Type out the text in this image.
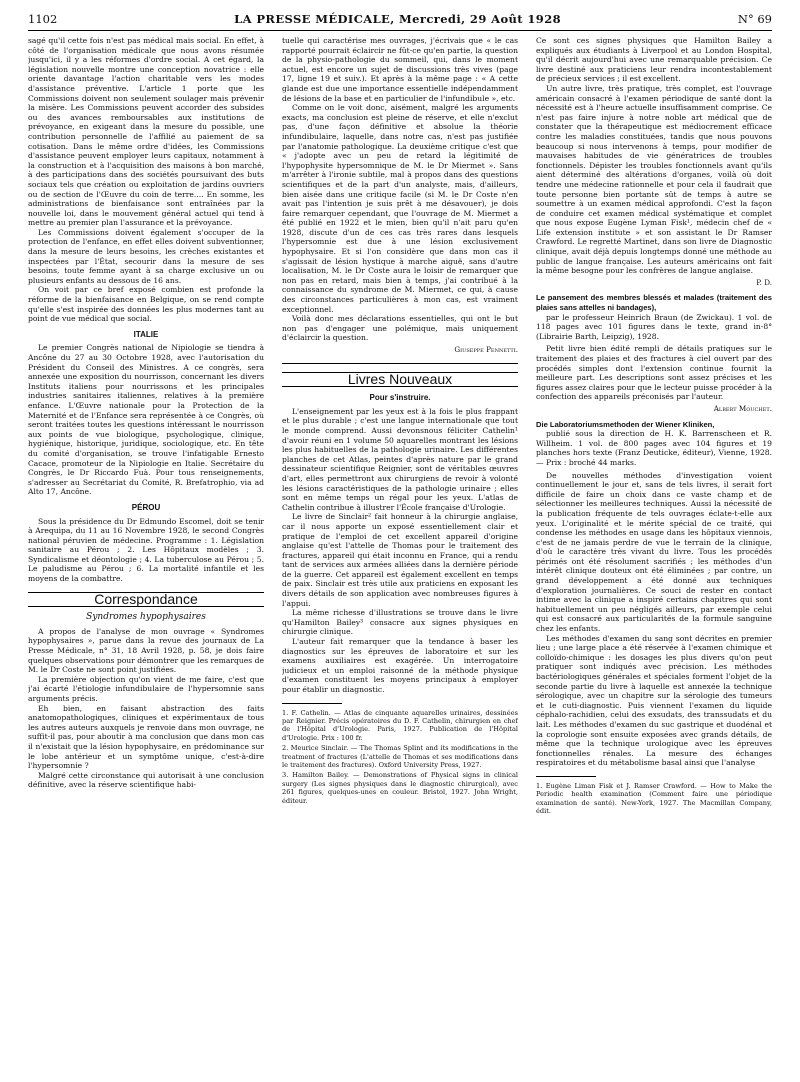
1102	LA PRESSE MÉDICALE, Mercredi, 29 Août 1928	N° 69

sagé qu'il cette fois n'est pas médical mais social. En effet, à côté de l'organisation médicale que nous avons résumée jusqu'ici, il y a les réformes d'ordre social. A cet égard, la législation nouvelle montre une conception novatrice : elle oriente davantage l'action charitable vers les modes d'assistance préventive. L'article 1 porte que les Commissions doivent non seulement soulager mais prévenir la misère. Les Commissions peuvent accorder des subsides ou des avances remboursables aux institutions de prévoyance, en exigeant dans la mesure du possible, une contribution personnelle de l'affilié au paiement de sa cotisation. Dans le même ordre d'idées, les Commissions d'assistance peuvent employer leurs capitaux, notamment à la construction et à l'acquisition des maisons à bon marché, à des participations dans des sociétés poursuivant des buts sociaux tels que création ou exploitation de jardins ouvriers ou de section de l'Œuvre du coin de terre.... En somme, les administrations de bienfaisance sont entraînées par la nouvelle loi, dans le mouvement général actuel qui tend à mettre au premier plan l'assurance et la prévoyance.

Les Commissions doivent également s'occuper de la protection de l'enfance, en effet elles doivent subventionner, dans la mesure de leurs besoins, les crèches existantes et inspectées par l'État, secourir dans la mesure de ses besoins, toute femme ayant à sa charge exclusive un ou plusieurs enfants au dessous de 16 ans.

On voit par ce bref exposé combien est profonde la réforme de la bienfaisance en Belgique, on se rend compte qu'elle s'est inspirée des données les plus modernes tant au point de vue médical que social.

ITALIE

Le premier Congrès national de Nipiologie se tiendra à Ancône du 27 au 30 Octobre 1928, avec l'autorisation du Président du Conseil des Ministres. A ce congrès, sera annexée une exposition du nourrisson, concernant les divers Instituts italiens pour nourrissons et les principales industries sanitaires italiennes, relatives à la première enfance. L'Œuvre nationale pour la Protection de la Maternité et de l'Enfance sera représentée à ce Congrès, où seront traitées toutes les questions intéressant le nourrisson aux points de vue biologique, psychologique, clinique, hygiénique, historique, juridique, sociologique, etc. En tête du comité d'organisation, se trouve l'infatigable Ernesto Cacace, promoteur de la Nipiologie en Italie. Secrétaire du Congrès, le Dr Riccardo Fuà. Pour tous renseignements, s'adresser au Secrétariat du Comité, R. Brefatrophio, via ad Alto 17, Ancône.

PÉROU

Sous la présidence du Dr Edmundo Escomel, doit se tenir à Arequipa, du 11 au 16 Novembre 1928, le second Congrès national péruvien de médecine. Programme : 1. Législation sanitaire au Pérou ; 2. Les Hôpitaux modèles ; 3. Syndicalisme et déontologie ; 4. La tuberculose au Pérou ; 5. Le paludisme au Pérou ; 6. La mortalité infantile et les moyens de la combattre.

Correspondance
Syndromes hypophysaires

A propos de l'analyse de mon ouvrage « Syndromes hypophysaires », parue dans la revue des journaux de La Presse Médicale, n° 31, 18 Avril 1928, p. 58, je dois faire quelques observations pour démontrer que les remarques de M. le Dr Coste ne sont point justifiées.

La première objection qu'on vient de me faire, c'est que j'ai écarté l'étiologie infundibulaire de l'hypersomnie sans arguments précis.

Eh bien, en faisant abstraction des faits anatomopathologiques, cliniques et expérimentaux de tous les autres auteurs auxquels je renvoie dans mon ouvrage, ne suffit-il pas, pour aboutir à ma conclusion que dans mon cas il n'existait que la lésion hypophysaire, en prédominance sur le lobe antérieur et un symptôme unique, c'est-à-dire l'hypersomnie ?

Malgré cette circonstance qui autorisait à une conclusion définitive, avec la réserve scientifique habi-

tuelle qui caractérise mes ouvrages, j'écrivais que « le cas rapporté pourrait éclaircir ne fût-ce qu'en partie, la question de la physio-pathologie du sommeil, qui, dans le moment actuel, est encore un sujet de discussions très vives (page 17, ligne 19 et suiv.). Et après à la même page : « A cette glande est due une importance essentielle indépendamment de lésions de la base et en particulier de l'infundibule », etc.

Comme on le voit donc, aisément, malgré les arguments exacts, ma conclusion est pleine de réserve, et elle n'exclut pas, d'une façon définitive et absolue la théorie infundibulaire, laquelle, dans notre cas, n'est pas justifiée par l'anatomie pathologique. La deuxième critique c'est que « j'adopte avec un peu de retard la légitimité de l'hypophysite hypersomnique de M. le Dr Miermet ». Sans m'arrêter à l'ironie subtile, mal à propos dans des questions scientifiques et de la part d'un analyste, mais, d'ailleurs, bien aisée dans une critique facile (si M. le Dr Coste n'en avait pas l'intention je suis prêt à me désavouer), je dois faire remarquer cependant, que l'ouvrage de M. Miermet a été publié en 1922 et le mien, bien qu'il n'ait paru qu'en 1928, discute d'un de ces cas très rares dans lesquels l'hypersomnie est due à une lésion exclusivement hypophysaire. Et si l'on considère que dans mon cas il s'agissait de lésion hystique à marche aiguë, sans d'autre localisation, M. le Dr Coste aura le loisir de remarquer que non pas en retard, mais bien à temps, j'ai contribué à la connaissance du syndrome de M. Miermet, ce qui, à cause des circonstances particulières à mon cas, est vraiment exceptionnel.

Voilà donc mes déclarations essentielles, qui ont le but non pas d'engager une polémique, mais uniquement d'éclaircir la question.

Giuseppe Pennetti.
Livres Nouveaux
Pour s'instruire.

L'enseignement par les yeux est à la fois le plus frappant et le plus durable ; c'est une langue internationale que tout le monde comprend. Aussi devonsnous féliciter Cathelin¹ d'avoir réuni en 1 volume 50 aquarelles montrant les lésions les plus habituelles de la pathologie urinaire. Les différentes planches de cet Atlas, peintes d'après nature par le grand dessinateur scientifique Reignier, sont de véritables œuvres d'art, elles permettront aux chirurgiens de revoir à volonté les lésions caractéristiques de la pathologie urinaire ; elles sont en même temps un régal pour les yeux. L'atlas de Cathelin contribue à illustrer l'École française d'Urologie.

Le livre de Sinclair² fait honneur à la chirurgie anglaise, car il nous apporte un exposé essentiellement clair et pratique de l'emploi de cet excellent appareil d'origine anglaise qu'est l'attelle de Thomas pour le traitement des fractures, appareil qui était inconnu en France, qui a rendu tant de services aux armées alliées dans la dernière période de la guerre. Cet appareil est également excellent en temps de paix. Sinclair est très utile aux praticiens en exposant les divers détails de son application avec nombreuses figures à l'appui.

La même richesse d'illustrations se trouve dans le livre qu'Hamilton Bailey³ consacre aux signes physiques en chirurgie clinique.

L'auteur fait remarquer que la tendance à baser les diagnostics sur les épreuves de laboratoire et sur les examens auxiliaires est exagérée. Un interrogatoire judicieux et un emploi raisonné de la méthode physique d'examen constituent les moyens principaux à employer pour établir un diagnostic.

1. F. Cathelin. — Atlas de cinquante aquarelles urinaires, dessinées par Reignier. Précis opératoires du D. F. Cathelin, chirurgien en chef de l'Hôpital d'Urologie. Paris, 1927. Publication de l'Hôpital d'Urologie. Prix : 100 fr.

2. Meurice Sinclair. — The Thomas Splint and its modifications in the treatment of fractures (L'attelle de Thomas et ses modifications dans le traitement des fractures). Oxford University Press, 1927.

3. Hamilton Bailey. — Demonstrations of Physical signs in clinical surgery (Les signes physiques dans le diagnostic chirurgical), avec 261 figures, quelques-unes en couleur. Bristol, 1927. John Wright, éditeur.

Ce sont ces signes physiques que Hamilton Bailey a expliqués aux étudiants à Liverpool et au London Hospital, qu'il décrit aujourd'hui avec une remarquable précision. Ce livre destiné aux praticiens leur rendra incontestablement de précieux services ; il est excellent.

Un autre livre, très pratique, très complet, est l'ouvrage américain consacré à l'examen périodique de santé dont la nécessité est à l'heure actuelle insuffisamment comprise. Ce n'est pas faire injure à notre noble art médical que de constater que la thérapeutique est médiocrement efficace contre les maladies constituées, tandis que nous pouvons beaucoup si nous intervenons à temps, pour modifier de mauvaises habitudes de vie génératrices de troubles fonctionnels. Dépister les troubles fonctionnels avant qu'ils aient déterminé des altérations d'organes, voilà où doit tendre une médecine rationnelle et pour cela il faudrait que toute personne bien portante sût de temps à autre se soumettre à un examen médical approfondi. C'est la façon de conduire cet examen médical systématique et complet que nous expose Eugène Lyman Fisk¹, médecin chef de « Life extension institute » et son assistant le Dr Ramser Crawford. Le regretté Martinet, dans son livre de Diagnostic clinique, avait déjà depuis longtemps donné une méthode au public de langue française. Les auteurs américains ont fait la même besogne pour les confrères de langue anglaise.

P. D.

Le pansement des membres blessés et malades (traitement des plaies sans attelles ni bandages),

par le professeur Heinrich Braun (de Zwickau). 1 vol. de 118 pages avec 101 figures dans le texte, grand in-8° (Librairie Barth, Leipzig), 1928.

Petit livre bien édité rempli de détails pratiques sur le traitement des plaies et des fractures à ciel ouvert par des procédés simples dont l'extension continue fournit la meilleure part. Les descriptions sont assez précises et les figures assez claires pour que le lecteur puisse procéder à la confection des appareils préconisés par l'auteur.

Albert Mouchet.

Die Laboratoriumsmethoden der Wiener Kliniken,

publié sous la direction de H. K. Barrenscheen et R. Willheim. 1 vol. de 800 pages avec 104 figures et 19 planches hors texte (Franz Deuticke, éditeur), Vienne, 1928. — Prix : broché 44 marks.

De nouvelles méthodes d'investigation voient continuellement le jour et, sans de tels livres, il serait fort difficile de faire un choix dans ce vaste champ et de sélectionner les meilleures techniques. Aussi la nécessité de la publication fréquente de tels ouvrages éclate-t-elle aux yeux. L'originalité et le mérite spécial de ce traité, qui condense les méthodes en usage dans les hôpitaux viennois, c'est de ne jamais perdre de vue le terrain de la clinique, d'où le caractère très vivant du livre. Tous les procédés périmés ont été résolument sacrifiés ; les méthodes d'un intérêt clinique douteux ont été éliminées ; par contre, un grand développement a été donné aux techniques d'exploration journalières. Ce souci de rester en contact intime avec la clinique a inspiré certains chapitres qui sont habituellement un peu négligés ailleurs, par exemple celui qui est consacré aux particularités de la formule sanguine chez les enfants.

Les méthodes d'examen du sang sont décrites en premier lieu ; une large place a été réservée à l'examen chimique et colloïdo-chimique : les dosages les plus divers qu'on peut pratiquer sont indiqués avec précision. Les méthodes bactériologiques générales et spéciales forment l'objet de la seconde partie du livre à laquelle est annexée la technique sérologique, avec un chapitre sur la sérologie des tumeurs et le cuti-diagnostic. Puis viennent l'examen du liquide céphalo-rachidien, celui des exsudats, des transsudats et du lait. Les méthodes d'examen du suc gastrique et duodénal et la coprologie sont ensuite exposées avec grands détails, de même que la technique urologique avec les épreuves fonctionnelles rénales. La mesure des échanges respiratoires et du métabolisme basal ainsi que l'analyse

1. Eugène Liman Fisk et J. Ramser Crawford. — How to Make the Periodic health examination (Comment faire une périodique examination de santé). New-York, 1927. The Macmillan Company, édit.
